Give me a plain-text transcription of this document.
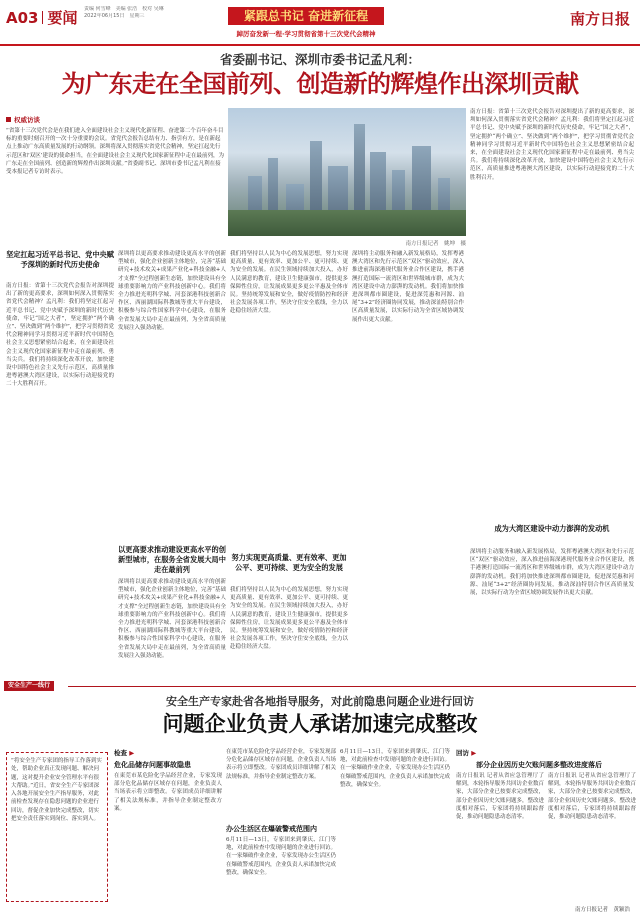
A03 要闻 责编 何雪峰　美编 张浩　校对 吴琳
2022年06月15日　星期三	紧跟总书记 奋进新征程
踔厉奋发新一程·学习贯彻省第十三次党代会精神
南方日报
省委副书记、深圳市委书记孟凡利：
为广东走在全国前列、创造新的辉煌作出深圳贡献
权威访谈

“省第十三次党代会是在我们进入全面建设社会主义现代化新征程、奋进第二个百年奋斗目标的重要时刻召开的一次十分重要的会议。省党代会报告总结有力、指引有方，是在新起点上推动广东高质量发展的行动纲领。深圳将深入贯彻落实省党代会精神，坚定扛起先行示范区和‘双区’建设的使命担当，在全面建设社会主义现代化国家新征程中走在最前列，为广东走在全国前列、创造新的辉煌作出深圳贡献。”省委副书记、深圳市委书记孟凡利在接受本报记者专访时表示。

南方日报记者　姚坤　摄
坚定扛起习近平总书记、党中央赋予深圳的新时代历史使命
南方日报：省第十三次党代会报告对深圳提出了新的更高要求，深圳如何深入贯彻落实省党代会精神？孟凡利：我们将坚定扛起习近平总书记、党中央赋予深圳的新时代历史使命，牢记“国之大者”，坚定拥护“两个确立”、坚决做到“两个维护”，把学习贯彻省党代会精神同学习贯彻习近平新时代中国特色社会主义思想紧密结合起来，在全面建设社会主义现代化国家新征程中走在最前列、勇当尖兵。我们将持续深化改革开放，加快建设中国特色社会主义先行示范区，高质量推进粤港澳大湾区建设，以实际行动迎接党的二十大胜利召开。
深圳将以更高要求推动建设更高水平的创新型城市，强化企业创新主体地位，完善“基础研究+技术攻关+成果产业化+科技金融+人才支撑”全过程创新生态链，加快建设具有全球重要影响力的产业科技创新中心。我们将全力推进光明科学城、河套深港科技创新合作区、西丽湖国际科教城等重大平台建设，积极参与综合性国家科学中心建设，在服务全省发展大局中走在最前列，为全省高质量发展注入强劲动能。
以更高要求推动建设更高水平的创新型城市，在服务全省发展大局中走在最前列
深圳将以更高要求推动建设更高水平的创新型城市，强化企业创新主体地位，完善“基础研究+技术攻关+成果产业化+科技金融+人才支撑”全过程创新生态链，加快建设具有全球重要影响力的产业科技创新中心。我们将全力推进光明科学城、河套深港科技创新合作区、西丽湖国际科教城等重大平台建设，积极参与综合性国家科学中心建设，在服务全省发展大局中走在最前列，为全省高质量发展注入强劲动能。
我们将坚持以人民为中心的发展思想，努力实现更高质量、更有效率、更加公平、更可持续、更为安全的发展。在民生领域持续加大投入，办好人民满意的教育，建设卫生健康强市，提供更多保障性住房，让发展成果更多更公平惠及全体市民。坚持统筹发展和安全，做好疫情防控和经济社会发展各项工作，坚决守住安全底线，全力以赴稳住经济大盘。
努力实现更高质量、更有效率、更加公平、更可持续、更为安全的发展
我们将坚持以人民为中心的发展思想，努力实现更高质量、更有效率、更加公平、更可持续、更为安全的发展。在民生领域持续加大投入，办好人民满意的教育，建设卫生健康强市，提供更多保障性住房，让发展成果更多更公平惠及全体市民。坚持统筹发展和安全，做好疫情防控和经济社会发展各项工作，坚决守住安全底线，全力以赴稳住经济大盘。
深圳将主动服务和融入新发展格局，发挥粤港澳大湾区和先行示范区“双区”驱动效应，深入推进前海深港现代服务业合作区建设，携手港澳打造国际一流湾区和世界级城市群，成为大湾区建设中动力澎湃的发动机。我们将加快推进深圳都市圈建设，促进深莞惠和河源、汕尾“3+2”经济圈协同发展，推动深汕特别合作区高质量发展，以实际行动为全省区域协调发展作出更大贡献。
南方日报：省第十三次党代会报告对深圳提出了新的更高要求，深圳如何深入贯彻落实省党代会精神？孟凡利：我们将坚定扛起习近平总书记、党中央赋予深圳的新时代历史使命，牢记“国之大者”，坚定拥护“两个确立”、坚决做到“两个维护”，把学习贯彻省党代会精神同学习贯彻习近平新时代中国特色社会主义思想紧密结合起来，在全面建设社会主义现代化国家新征程中走在最前列、勇当尖兵。我们将持续深化改革开放，加快建设中国特色社会主义先行示范区，高质量推进粤港澳大湾区建设，以实际行动迎接党的二十大胜利召开。
成为大湾区建设中动力澎湃的发动机
深圳将主动服务和融入新发展格局，发挥粤港澳大湾区和先行示范区“双区”驱动效应，深入推进前海深港现代服务业合作区建设，携手港澳打造国际一流湾区和世界级城市群，成为大湾区建设中动力澎湃的发动机。我们将加快推进深圳都市圈建设，促进深莞惠和河源、汕尾“3+2”经济圈协同发展，推动深汕特别合作区高质量发展，以实际行动为全省区域协调发展作出更大贡献。
安全生产一线行
安全生产专家赴省各地指导服务，对此前隐患问题企业进行回访
问题企业负责人承诺加速完成整改
“将安全生产专家团的指导工作落到实处，帮助企业真正发现问题、解决问题，这对提升企业安全管理水平有很大帮助。”近日，省安全生产专家团深入各地开展安全生产指导服务，对此前检查发现存在隐患问题的企业进行回访，督促企业加快完成整改，切实把安全责任落实到岗位、落实到人。
检查 ▶
危化品储存问题事故隐患
在東莞市某危险化学品经营企业，专家发现部分危化品储存区域存在问题，企业负责人当场表示将立即整改。专家团成员详细讲解了相关法规标准，并指导企业制定整改方案。
在東莞市某危险化学品经营企业，专家发现部分危化品储存区域存在问题，企业负责人当场表示将立即整改。专家团成员详细讲解了相关法规标准，并指导企业制定整改方案。
办公生活区在爆破警戒范围内
6月11日—13日，专家团来到肇庆、江门等地，对此前检查中发现问题的企业进行回访。在一家爆破作业企业，专家发现办公生活区仍在爆破警戒范围内，企业负责人承诺加快完成整改，确保安全。
6月11日—13日，专家团来到肇庆、江门等地，对此前检查中发现问题的企业进行回访。在一家爆破作业企业，专家发现办公生活区仍在爆破警戒范围内，企业负责人承诺加快完成整改，确保安全。
回访 ▶
部分企业因历史欠账问题多整改进度落后
南方日报讯 记者从省应急管理厅了解到，本轮指导服务共回访企业数百家，大部分企业已按要求完成整改，部分企业因历史欠账问题多，整改进度相对落后，专家团将持续跟踪督促，推动问题隐患动态清零。
南方日报讯 记者从省应急管理厅了解到，本轮指导服务共回访企业数百家，大部分企业已按要求完成整改，部分企业因历史欠账问题多，整改进度相对落后，专家团将持续跟踪督促，推动问题隐患动态清零。
南方日报记者　黄颖浩
